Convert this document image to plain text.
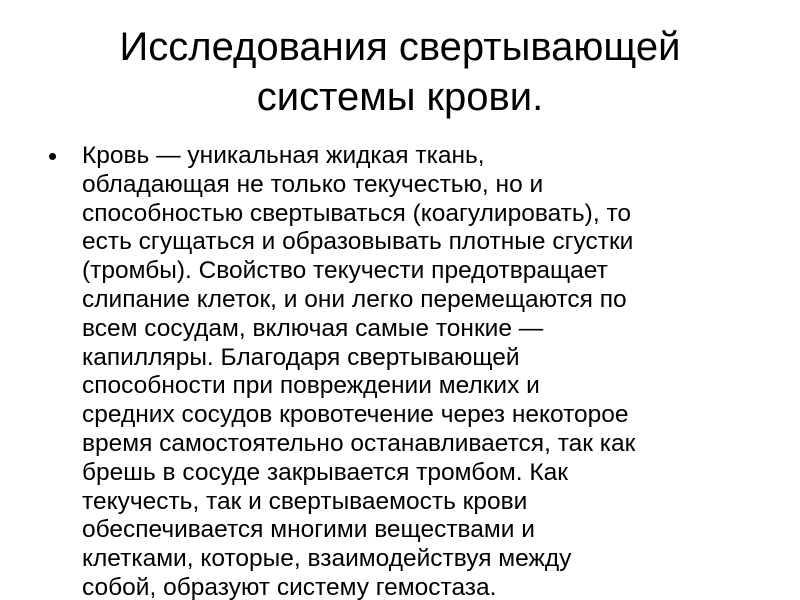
Исследования свертывающей
системы крови.
• Кровь — уникальная жидкая ткань,
обладающая не только текучестью, но и
способностью свертываться (коагулировать), то
есть сгущаться и образовывать плотные сгустки
(тромбы). Свойство текучести предотвращает
слипание клеток, и они легко перемещаются по
всем сосудам, включая самые тонкие —
капилляры. Благодаря свертывающей
способности при повреждении мелких и
средних сосудов кровотечение через некоторое
время самостоятельно останавливается, так как
брешь в сосуде закрывается тромбом. Как
текучесть, так и свертываемость крови
обеспечивается многими веществами и
клетками, которые, взаимодействуя между
собой, образуют систему гемостаза.
